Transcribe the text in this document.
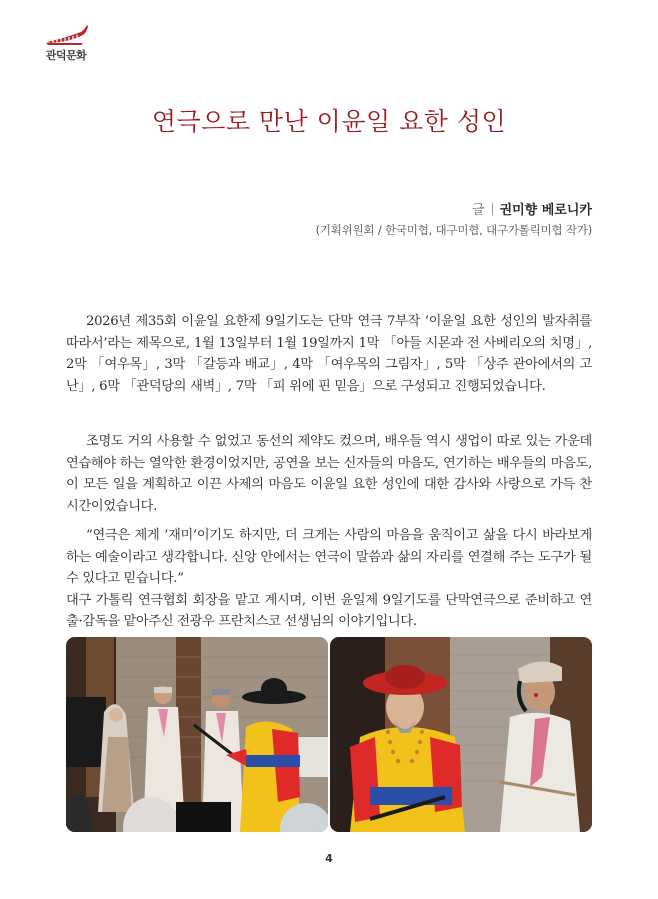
관덕문화
연극으로 만난 이윤일 요한 성인
글 권미향 베로니카
(기획위원회 / 한국미협, 대구미협, 대구가톨릭미협 작가)
2026년 제35회 이윤일 요한제 9일기도는 단막 연극 7부작 ‘이윤일 요한 성인의 발자취를 따라서’라는 제목으로, 1월 13일부터 1월 19일까지 1막 「아들 시몬과 전 사베리오의 치명」, 2막 「여우목」, 3막 「갈등과 배교」, 4막 「여우목의 그림자」, 5막 「상주 관아에서의 고난」, 6막 「관덕당의 새벽」, 7막 「피 위에 핀 믿음」으로 구성되고 진행되었습니다.
조명도 거의 사용할 수 없었고 동선의 제약도 컸으며, 배우들 역시 생업이 따로 있는 가운데 연습해야 하는 열악한 환경이었지만, 공연을 보는 신자들의 마음도, 연기하는 배우들의 마음도, 이 모든 일을 계획하고 이끈 사제의 마음도 이윤일 요한 성인에 대한 감사와 사랑으로 가득 찬 시간이었습니다.
“연극은 제게 ‘재미’이기도 하지만, 더 크게는 사람의 마음을 움직이고 삶을 다시 바라보게 하는 예술이라고 생각합니다. 신앙 안에서는 연극이 말씀과 삶의 자리를 연결해 주는 도구가 될 수 있다고 믿습니다.”
대구 가톨릭 연극협회 회장을 맡고 계시며, 이번 윤일제 9일기도를 단막연극으로 준비하고 연출·감독을 맡아주신 전광우 프란치스코 선생님의 이야기입니다.
4
